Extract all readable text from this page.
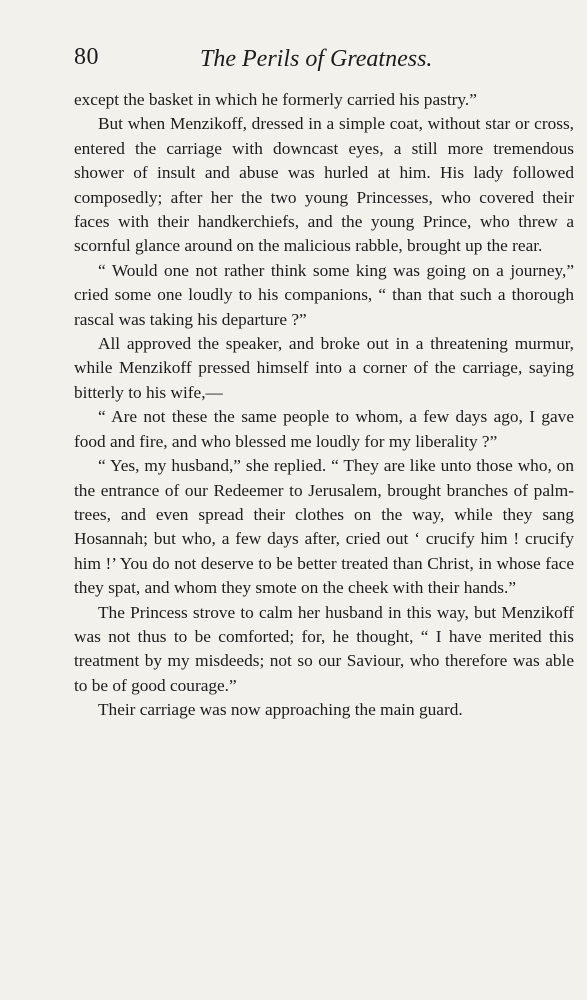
80	The Perils of Greatness.

except the basket in which he formerly carried his pastry.”

But when Menzikoff, dressed in a simple coat, without star or cross, entered the carriage with downcast eyes, a still more tremendous shower of insult and abuse was hurled at him. His lady followed composedly; after her the two young Princesses, who covered their faces with their handkerchiefs, and the young Prince, who threw a scornful glance around on the malicious rabble, brought up the rear.

“ Would one not rather think some king was going on a journey,” cried some one loudly to his companions, “ than that such a thorough rascal was taking his departure ?”

All approved the speaker, and broke out in a threatening murmur, while Menzikoff pressed himself into a corner of the carriage, saying bitterly to his wife,—

“ Are not these the same people to whom, a few days ago, I gave food and fire, and who blessed me loudly for my liberality ?”

“ Yes, my husband,” she replied. “ They are like unto those who, on the entrance of our Redeemer to Jerusalem, brought branches of palm-trees, and even spread their clothes on the way, while they sang Hosannah; but who, a few days after, cried out ‘ crucify him ! crucify him !’ You do not deserve to be better treated than Christ, in whose face they spat, and whom they smote on the cheek with their hands.”

The Princess strove to calm her husband in this way, but Menzikoff was not thus to be comforted; for, he thought, “ I have merited this treatment by my misdeeds; not so our Saviour, who therefore was able to be of good courage.”

Their carriage was now approaching the main guard.
